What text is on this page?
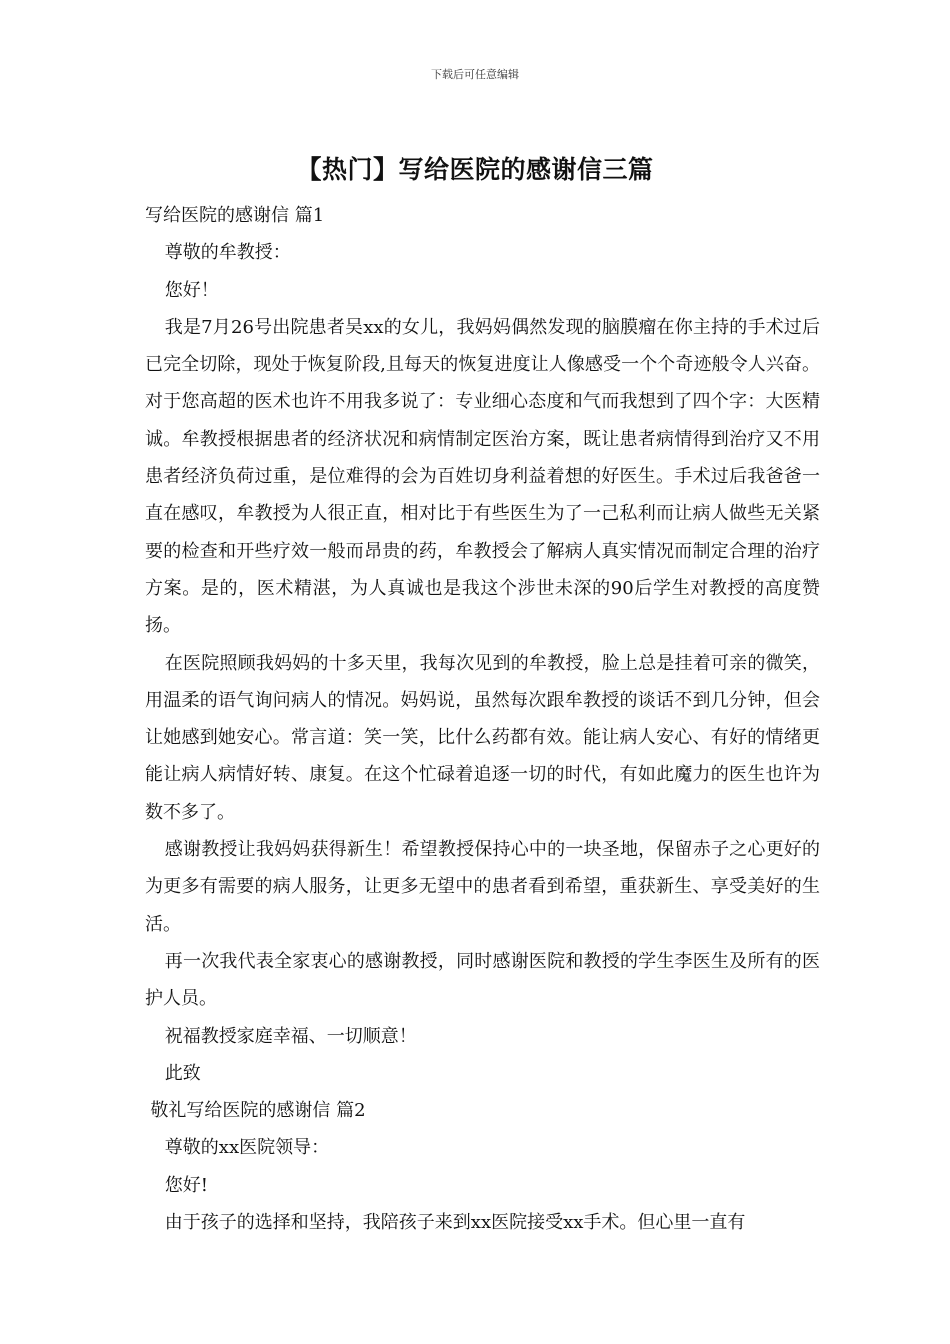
下载后可任意编辑
【热门】写给医院的感谢信三篇

写给医院的感谢信 篇1

尊敬的牟教授：

您好！

我是7月26号出院患者吴xx的女儿，我妈妈偶然发现的脑膜瘤在你主持的手术过后已完全切除，现处于恢复阶段,且每天的恢复进度让人像感受一个个奇迹般令人兴奋。对于您高超的医术也许不用我多说了：专业细心态度和气而我想到了四个字：大医精诚。牟教授根据患者的经济状况和病情制定医治方案，既让患者病情得到治疗又不用患者经济负荷过重，是位难得的会为百姓切身利益着想的好医生。手术过后我爸爸一直在感叹，牟教授为人很正直，相对比于有些医生为了一己私利而让病人做些无关紧要的检查和开些疗效一般而昂贵的药，牟教授会了解病人真实情况而制定合理的治疗方案。是的，医术精湛，为人真诚也是我这个涉世未深的90后学生对教授的高度赞扬。

在医院照顾我妈妈的十多天里，我每次见到的牟教授，脸上总是挂着可亲的微笑，用温柔的语气询问病人的情况。妈妈说，虽然每次跟牟教授的谈话不到几分钟，但会让她感到她安心。常言道：笑一笑，比什么药都有效。能让病人安心、有好的情绪更能让病人病情好转、康复。在这个忙碌着追逐一切的时代，有如此魔力的医生也许为数不多了。

感谢教授让我妈妈获得新生！希望教授保持心中的一块圣地，保留赤子之心更好的为更多有需要的病人服务，让更多无望中的患者看到希望，重获新生、享受美好的生活。

再一次我代表全家衷心的感谢教授，同时感谢医院和教授的学生李医生及所有的医护人员。

祝福教授家庭幸福、一切顺意！

此致

敬礼写给医院的感谢信 篇2

尊敬的xx医院领导：

您好!

由于孩子的选择和坚持，我陪孩子来到xx医院接受xx手术。但心里一直有
